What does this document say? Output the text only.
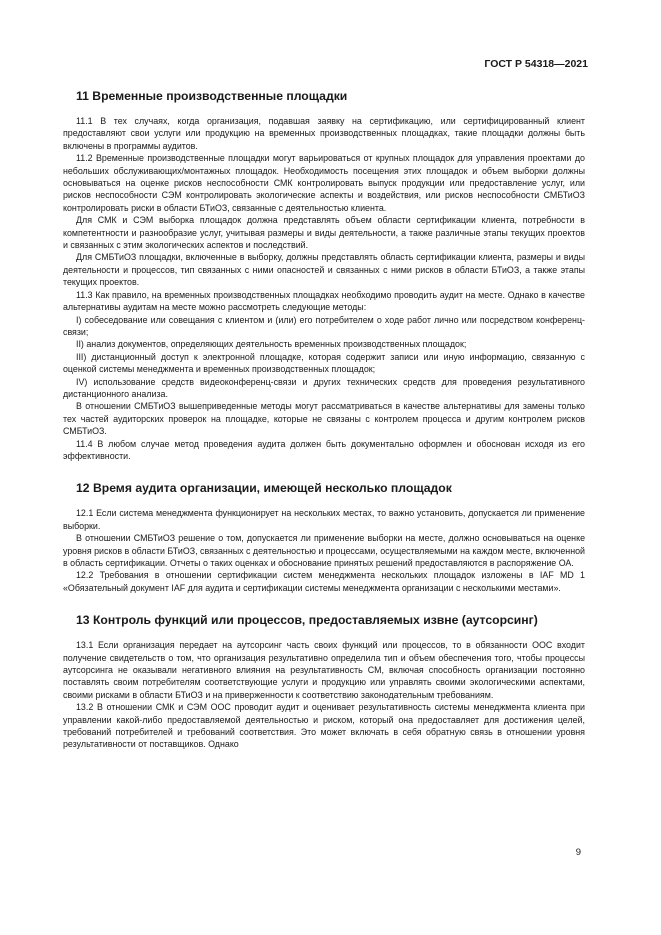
ГОСТ Р 54318—2021

11 Временные производственные площадки

11.1 В тех случаях, когда организация, подавшая заявку на сертификацию, или сертифицированный клиент предоставляют свои услуги или продукцию на временных производственных площадках, такие площадки должны быть включены в программы аудитов.

11.2 Временные производственные площадки могут варьироваться от крупных площадок для управления проектами до небольших обслуживающих/монтажных площадок. Необходимость посещения этих площадок и объем выборки должны основываться на оценке рисков неспособности СМК контролировать выпуск продукции или предоставление услуг, или рисков неспособности СЭМ контролировать экологические аспекты и воздействия, или рисков неспособности СМБТиОЗ контролировать риски в области БТиОЗ, связанные с деятельностью клиента.

Для СМК и СЭМ выборка площадок должна представлять объем области сертификации клиента, потребности в компетентности и разнообразие услуг, учитывая размеры и виды деятельности, а также различные этапы текущих проектов и связанных с этим экологических аспектов и последствий.

Для СМБТиОЗ площадки, включенные в выборку, должны представлять область сертификации клиента, размеры и виды деятельности и процессов, тип связанных с ними опасностей и связанных с ними рисков в области БТиОЗ, а также этапы текущих проектов.

11.3 Как правило, на временных производственных площадках необходимо проводить аудит на месте. Однако в качестве альтернативы аудитам на месте можно рассмотреть следующие методы:

I) собеседование или совещания с клиентом и (или) его потребителем о ходе работ лично или посредством конференц-связи;

II) анализ документов, определяющих деятельность временных производственных площадок;

III) дистанционный доступ к электронной площадке, которая содержит записи или иную информацию, связанную с оценкой системы менеджмента и временных производственных площадок;

IV) использование средств видеоконференц-связи и других технических средств для проведения результативного дистанционного анализа.

В отношении СМБТиОЗ вышеприведенные методы могут рассматриваться в качестве альтернативы для замены только тех частей аудиторских проверок на площадке, которые не связаны с контролем процесса и другим контролем рисков СМБТиОЗ.

11.4 В любом случае метод проведения аудита должен быть документально оформлен и обоснован исходя из его эффективности.

12 Время аудита организации, имеющей несколько площадок

12.1 Если система менеджмента функционирует на нескольких местах, то важно установить, допускается ли применение выборки.

В отношении СМБТиОЗ решение о том, допускается ли применение выборки на месте, должно основываться на оценке уровня рисков в области БТиОЗ, связанных с деятельностью и процессами, осуществляемыми на каждом месте, включенной в область сертификации. Отчеты о таких оценках и обоснование принятых решений предоставляются в распоряжение ОА.

12.2 Требования в отношении сертификации систем менеджмента нескольких площадок изложены в IAF MD 1 «Обязательный документ IAF для аудита и сертификации системы менеджмента организации с несколькими местами».

13 Контроль функций или процессов, предоставляемых извне (аутсорсинг)

13.1 Если организация передает на аутсорсинг часть своих функций или процессов, то в обязанности ООС входит получение свидетельств о том, что организация результативно определила тип и объем обеспечения того, чтобы процессы аутсорсинга не оказывали негативного влияния на результативность СМ, включая способность организации постоянно поставлять своим потребителям соответствующие услуги и продукцию или управлять своими экологическими аспектами, своими рисками в области БТиОЗ и на приверженности к соответствию законодательным требованиям.

13.2 В отношении СМК и СЭМ ООС проводит аудит и оценивает результативность системы менеджмента клиента при управлении какой-либо предоставляемой деятельностью и риском, который она предоставляет для достижения целей, требований потребителей и требований соответствия. Это может включать в себя обратную связь в отношении уровня результативности от поставщиков. Однако

9
